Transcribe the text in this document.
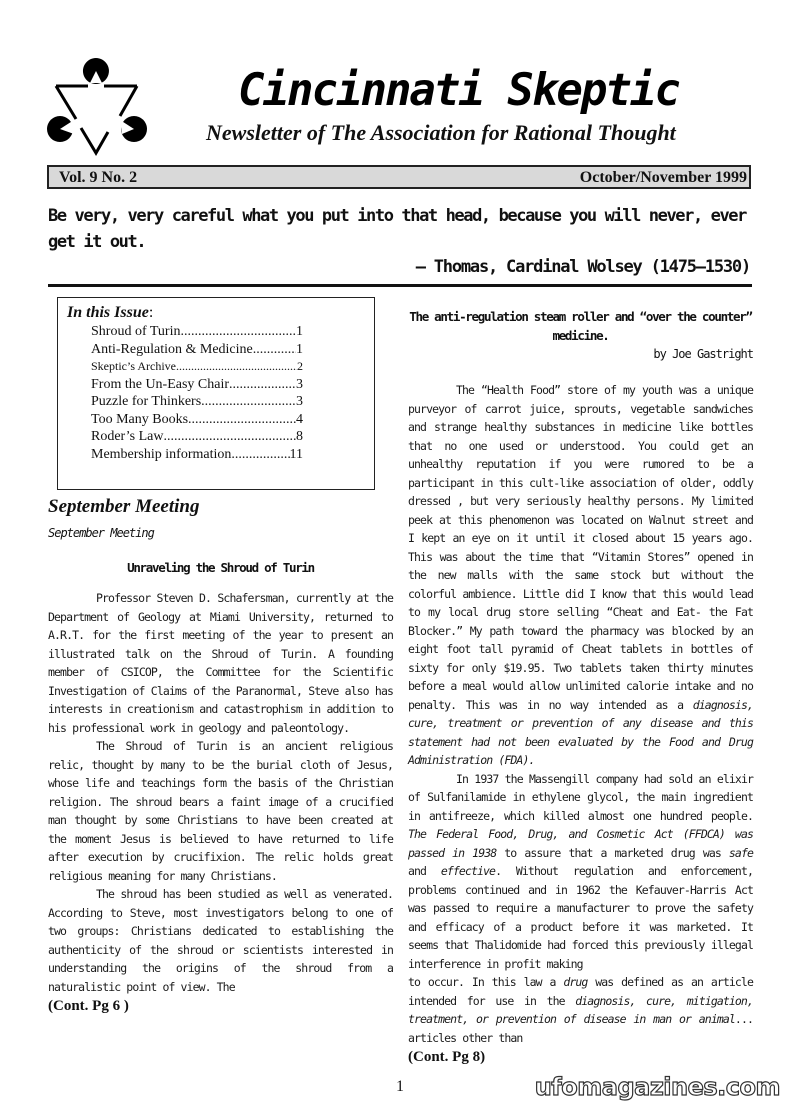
Cincinnati Skeptic
Newsletter of The Association for Rational Thought
Vol. 9 No. 2	October/November 1999
Be very, very careful what you put into that head, because you will never, ever get it out.
— Thomas, Cardinal Wolsey (1475–1530)
In this Issue:
Shroud of Turin .....	1
Anti-Regulation & Medicine .....	1
Skeptic’s Archive .....	2
From the Un-Easy Chair .....	3
Puzzle for Thinkers .....	3
Too Many Books .....	4
Roder’s Law .....	8
Membership information .....	11
September Meeting
September Meeting
Unraveling the Shroud of Turin

Professor Steven D. Schafersman, currently at the Department of Geology at Miami University, returned to A.R.T. for the first meeting of the year to present an illustrated talk on the Shroud of Turin. A founding member of CSICOP, the Committee for the Scientific Investigation of Claims of the Paranormal, Steve also has interests in creationism and catastrophism in addition to his professional work in geology and paleontology.

The Shroud of Turin is an ancient religious relic, thought by many to be the burial cloth of Jesus, whose life and teachings form the basis of the Christian religion. The shroud bears a faint image of a crucified man thought by some Christians to have been created at the moment Jesus is believed to have returned to life after execution by crucifixion. The relic holds great religious meaning for many Christians.

The shroud has been studied as well as venerated. According to Steve, most investigators belong to one of two groups: Christians dedicated to establishing the authenticity of the shroud or scientists interested in understanding the origins of the shroud from a naturalistic point of view. The

(Cont. Pg 6 )
The anti-regulation steam roller and “over the counter” medicine.
by Joe Gastright

The “Health Food” store of my youth was a unique purveyor of carrot juice, sprouts, vegetable sandwiches and strange healthy substances in medicine like bottles that no one used or understood. You could get an unhealthy reputation if you were rumored to be a participant in this cult-like association of older, oddly dressed , but very seriously healthy persons. My limited peek at this phenomenon was located on Walnut street and I kept an eye on it until it closed about 15 years ago. This was about the time that “Vitamin Stores” opened in the new malls with the same stock but without the colorful ambience. Little did I know that this would lead to my local drug store selling “Cheat and Eat- the Fat Blocker.” My path toward the pharmacy was blocked by an eight foot tall pyramid of Cheat tablets in bottles of sixty for only $19.95. Two tablets taken thirty minutes before a meal would allow unlimited calorie intake and no penalty. This was in no way intended as a diagnosis, cure, treatment or prevention of any disease and this statement had not been evaluated by the Food and Drug Administration (FDA).

In 1937 the Massengill company had sold an elixir of Sulfanilamide in ethylene glycol, the main ingredient in antifreeze, which killed almost one hundred people. The Federal Food, Drug, and Cosmetic Act (FFDCA) was passed in 1938 to assure that a marketed drug was safe and effective. Without regulation and enforcement, problems continued and in 1962 the Kefauver-Harris Act was passed to require a manufacturer to prove the safety and efficacy of a product before it was marketed. It seems that Thalidomide had forced this previously illegal interference in profit making

to occur. In this law a drug was defined as an article intended for use in the diagnosis, cure, mitigation, treatment, or prevention of disease in man or animal... articles other than

(Cont. Pg 8)
1	ufomagazines.com
